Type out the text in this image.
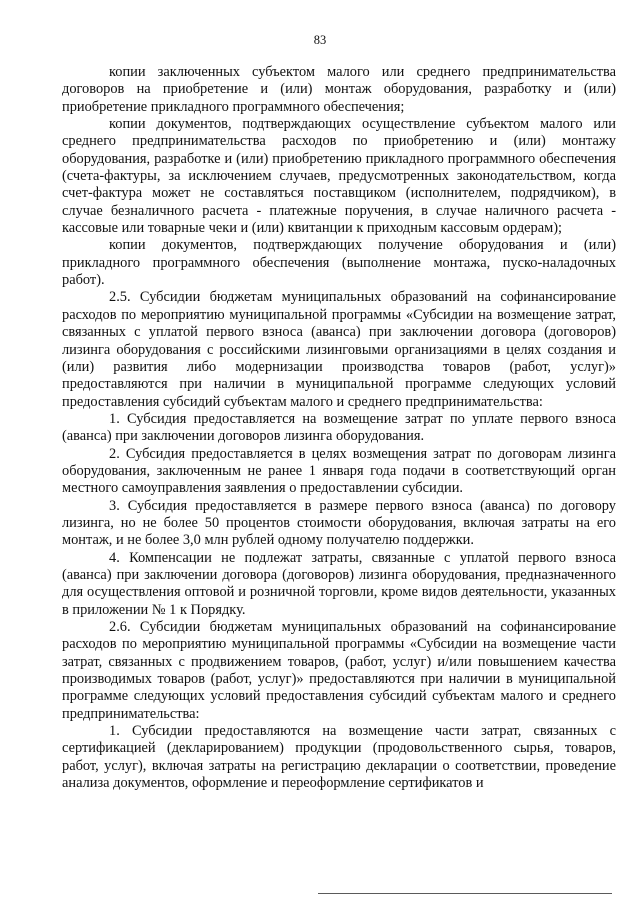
83

копии заключенных субъектом малого или среднего предпринимательства договоров на приобретение и (или) монтаж оборудования, разработку и (или) приобретение прикладного программного обеспечения;

копии документов, подтверждающих осуществление субъектом малого или среднего предпринимательства расходов по приобретению и (или) монтажу оборудования, разработке и (или) приобретению прикладного программного обеспечения (счета-фактуры, за исключением случаев, предусмотренных законодательством, когда счет-фактура может не составляться поставщиком (исполнителем, подрядчиком), в случае безналичного расчета - платежные поручения, в случае наличного расчета - кассовые или товарные чеки и (или) квитанции к приходным кассовым ордерам);

копии документов, подтверждающих получение оборудования и (или) прикладного программного обеспечения (выполнение монтажа, пуско-наладочных работ).

2.5. Субсидии бюджетам муниципальных образований на софинансирование расходов по мероприятию муниципальной программы «Субсидии на возмещение затрат, связанных с уплатой первого взноса (аванса) при заключении договора (договоров) лизинга оборудования с российскими лизинговыми организациями в целях создания и (или) развития либо модернизации производства товаров (работ, услуг)» предоставляются при наличии в муниципальной программе следующих условий предоставления субсидий субъектам малого и среднего предпринимательства:

1. Субсидия предоставляется на возмещение затрат по уплате первого взноса (аванса) при заключении договоров лизинга оборудования.

2. Субсидия предоставляется в целях возмещения затрат по договорам лизинга оборудования, заключенным не ранее 1 января года подачи в соответствующий орган местного самоуправления заявления о предоставлении субсидии.

3. Субсидия предоставляется в размере первого взноса (аванса) по договору лизинга, но не более 50 процентов стоимости оборудования, включая затраты на его монтаж, и не более 3,0 млн рублей одному получателю поддержки.

4. Компенсации не подлежат затраты, связанные с уплатой первого взноса (аванса) при заключении договора (договоров) лизинга оборудования, предназначенного для осуществления оптовой и розничной торговли, кроме видов деятельности, указанных в приложении № 1 к Порядку.

2.6. Субсидии бюджетам муниципальных образований на софинансирование расходов по мероприятию муниципальной программы «Субсидии на возмещение части затрат, связанных с продвижением товаров, (работ, услуг) и/или повышением качества производимых товаров (работ, услуг)» предоставляются при наличии в муниципальной программе следующих условий предоставления субсидий субъектам малого и среднего предпринимательства:

1. Субсидии предоставляются на возмещение части затрат, связанных с сертификацией (декларированием) продукции (продовольственного сырья, товаров, работ, услуг), включая затраты на регистрацию декларации о соответствии, проведение анализа документов, оформление и переоформление сертификатов и
